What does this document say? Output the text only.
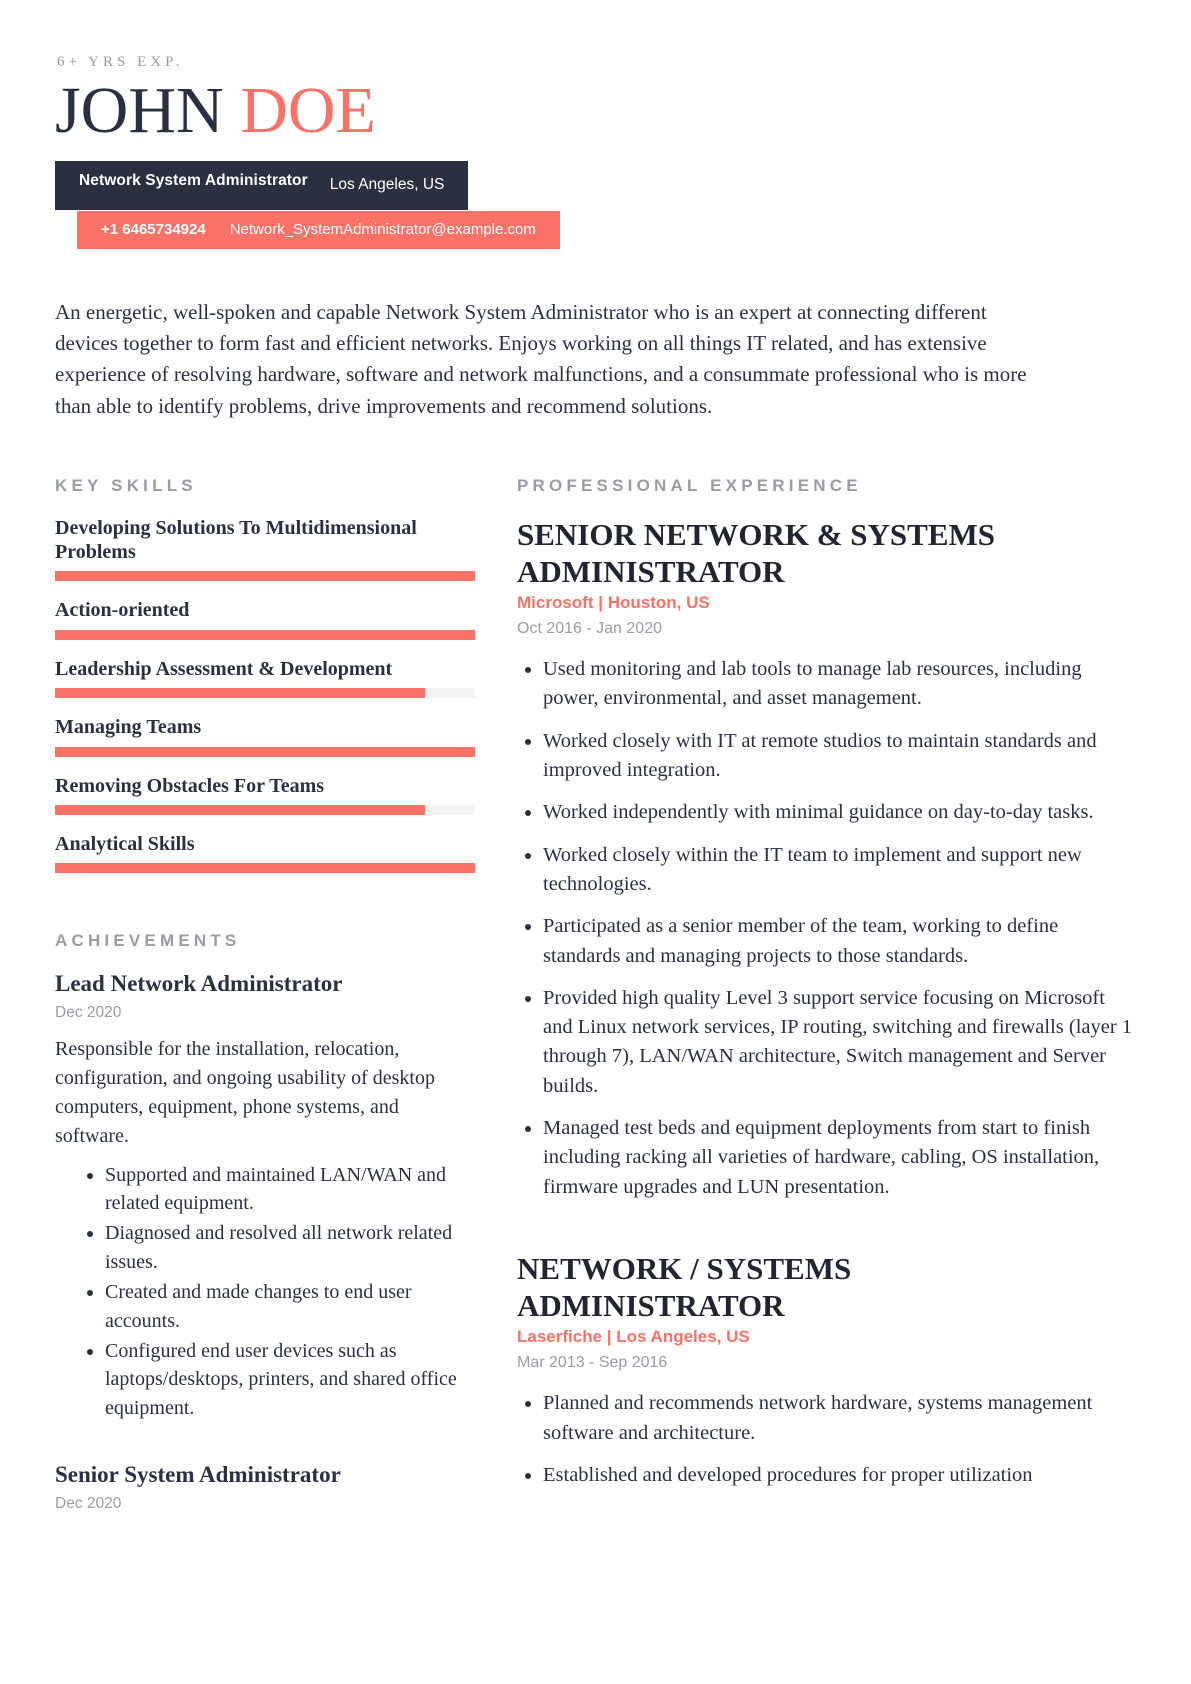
6+ YRS EXP.
JOHN DOE
Network System Administrator Los Angeles, US
+1 6465734924 Network_SystemAdministrator@example.com

An energetic, well-spoken and capable Network System Administrator who is an expert at connecting different devices together to form fast and efficient networks. Enjoys working on all things IT related, and has extensive experience of resolving hardware, software and network malfunctions, and a consummate professional who is more than able to identify problems, drive improvements and recommend solutions.

KEY SKILLS
Developing Solutions To Multidimensional Problems
Action-oriented
Leadership Assessment & Development
Managing Teams
Removing Obstacles For Teams
Analytical Skills
ACHIEVEMENTS
Lead Network Administrator
Dec 2020

Responsible for the installation, relocation, configuration, and ongoing usability of desktop computers, equipment, phone systems, and software.

• Supported and maintained LAN/WAN and related equipment.
• Diagnosed and resolved all network related issues.
• Created and made changes to end user accounts.
• Configured end user devices such as laptops/desktops, printers, and shared office equipment.
Senior System Administrator
Dec 2020
PROFESSIONAL EXPERIENCE
SENIOR NETWORK & SYSTEMS ADMINISTRATOR
Microsoft | Houston, US
Oct 2016 - Jan 2020
• Used monitoring and lab tools to manage lab resources, including power, environmental, and asset management.
• Worked closely with IT at remote studios to maintain standards and improved integration.
• Worked independently with minimal guidance on day-to-day tasks.
• Worked closely within the IT team to implement and support new technologies.
• Participated as a senior member of the team, working to define standards and managing projects to those standards.
• Provided high quality Level 3 support service focusing on Microsoft and Linux network services, IP routing, switching and firewalls (layer 1 through 7), LAN/WAN architecture, Switch management and Server builds.
• Managed test beds and equipment deployments from start to finish including racking all varieties of hardware, cabling, OS installation, firmware upgrades and LUN presentation.
NETWORK / SYSTEMS ADMINISTRATOR
Laserfiche | Los Angeles, US
Mar 2013 - Sep 2016
• Planned and recommends network hardware, systems management software and architecture.
• Established and developed procedures for proper utilization
